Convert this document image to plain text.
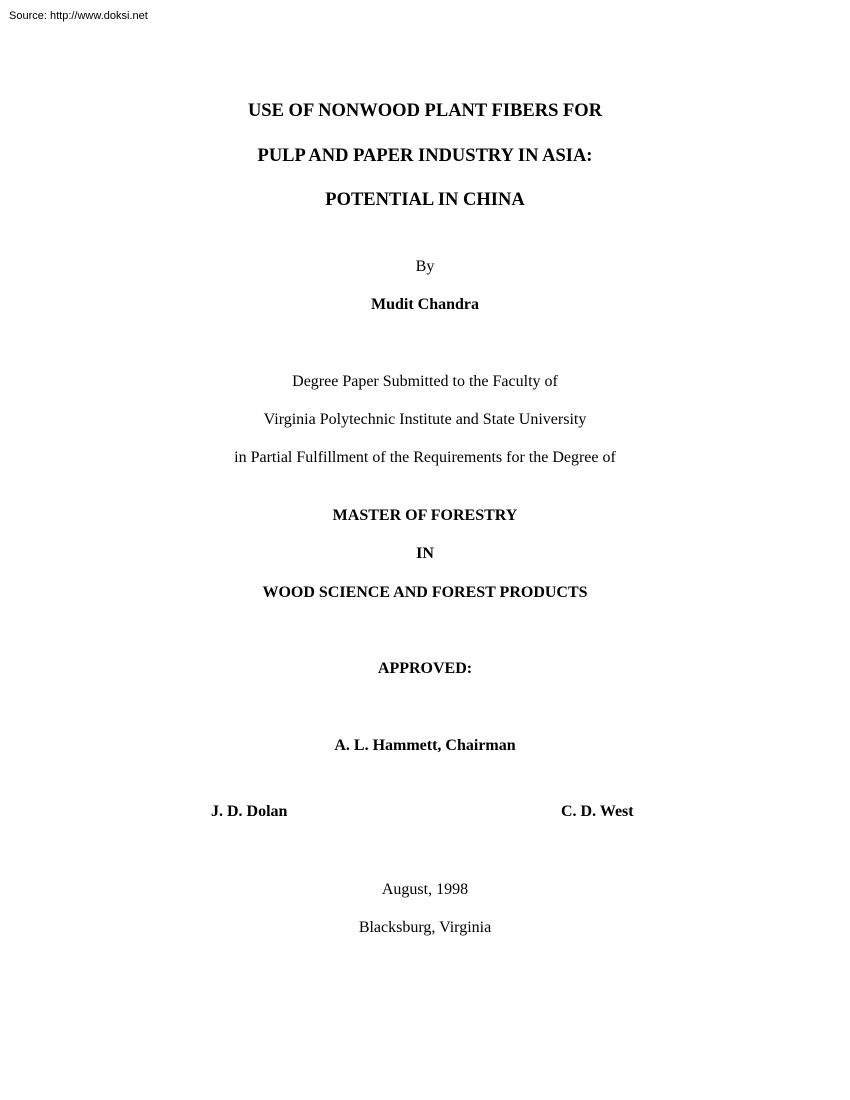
Source: http://www.doksi.net
USE OF NONWOOD PLANT FIBERS FOR
PULP AND PAPER INDUSTRY IN ASIA:
POTENTIAL IN CHINA
By
Mudit Chandra
Degree Paper Submitted to the Faculty of
Virginia Polytechnic Institute and State University
in Partial Fulfillment of the Requirements for the Degree of
MASTER OF FORESTRY
IN
WOOD SCIENCE AND FOREST PRODUCTS
APPROVED:
A. L. Hammett, Chairman
J. D. Dolan	C. D. West
August, 1998
Blacksburg, Virginia
